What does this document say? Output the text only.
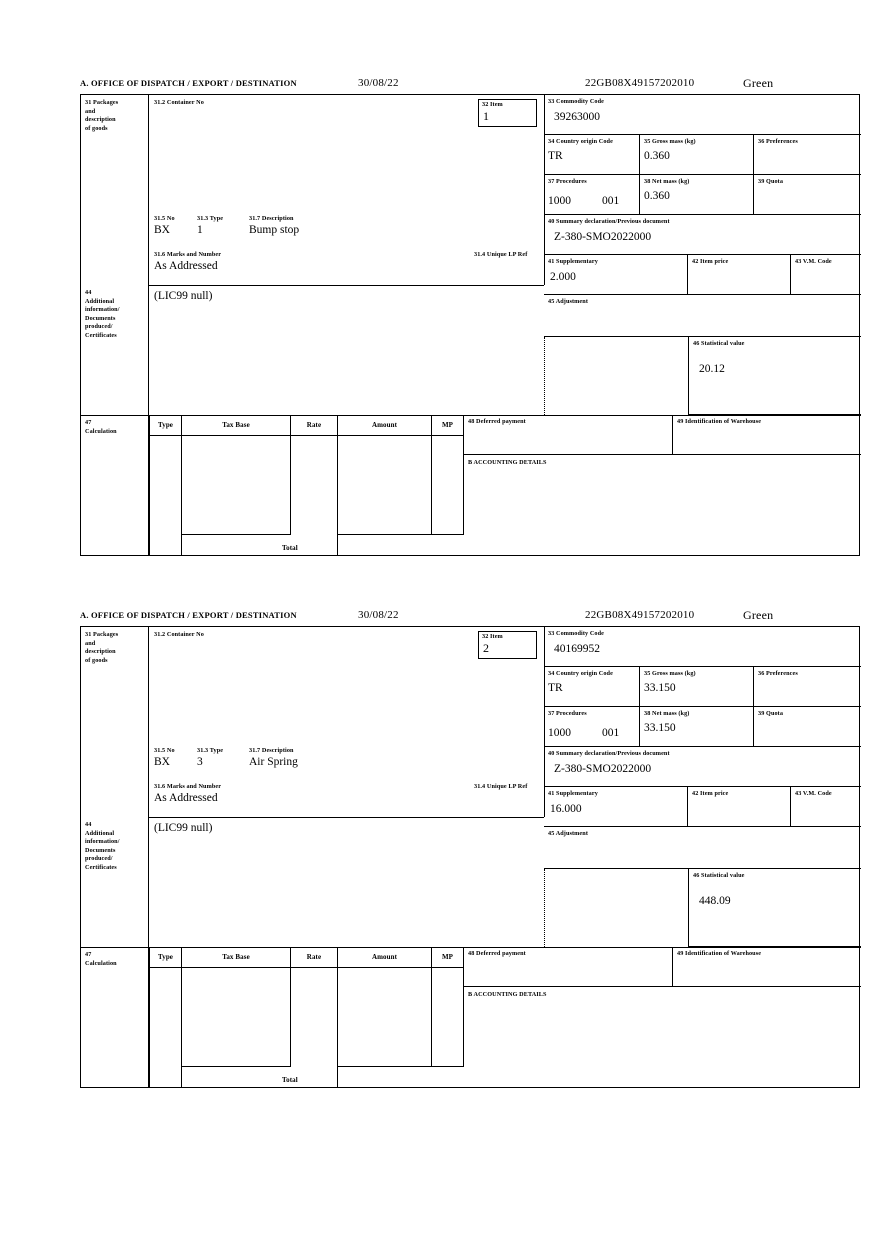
A. OFFICE OF DISPATCH / EXPORT / DESTINATION	30/08/22	22GB08X49157202010	Green
31 Packages
and
description
of goods
31.2 Container No
31.5 No	31.3 Type	31.7 Description
BX 1	Bump stop
31.6 Marks and Number	31.4 Unique LP Ref
As Addressed
32 Item
1
33 Commodity Code
39263000
34 Country origin Code
TR
35 Gross mass (kg)
0.360
36 Preferences
37 Procedures
1000	001
38 Net mass (kg)
0.360
39 Quota
40 Summary declaration/Previous document
Z-380-SMO2022000
41 Supplementary
2.000
42 Item price	43 V.M. Code
45 Adjustment
46 Statistical value
20.12
44
Additional
information/
Documents
produced/
Certificates
(LIC99 null)
47
Calculation
Type	Tax Base	Rate	Amount	MP
Total
48 Deferred payment	49 Identification of Warehouse
B ACCOUNTING DETAILS
A. OFFICE OF DISPATCH / EXPORT / DESTINATION	30/08/22	22GB08X49157202010	Green
31 Packages
and
description
of goods
31.2 Container No
31.5 No	31.3 Type	31.7 Description
BX 3	Air Spring
31.6 Marks and Number	31.4 Unique LP Ref
As Addressed
32 Item
2
33 Commodity Code
40169952
34 Country origin Code
TR
35 Gross mass (kg)
33.150
36 Preferences
37 Procedures
1000	001
38 Net mass (kg)
33.150
39 Quota
40 Summary declaration/Previous document
Z-380-SMO2022000
41 Supplementary
16.000
42 Item price	43 V.M. Code
45 Adjustment
46 Statistical value
448.09
44
Additional
information/
Documents
produced/
Certificates
(LIC99 null)
47
Calculation
Type	Tax Base	Rate	Amount	MP
Total
48 Deferred payment	49 Identification of Warehouse
B ACCOUNTING DETAILS
